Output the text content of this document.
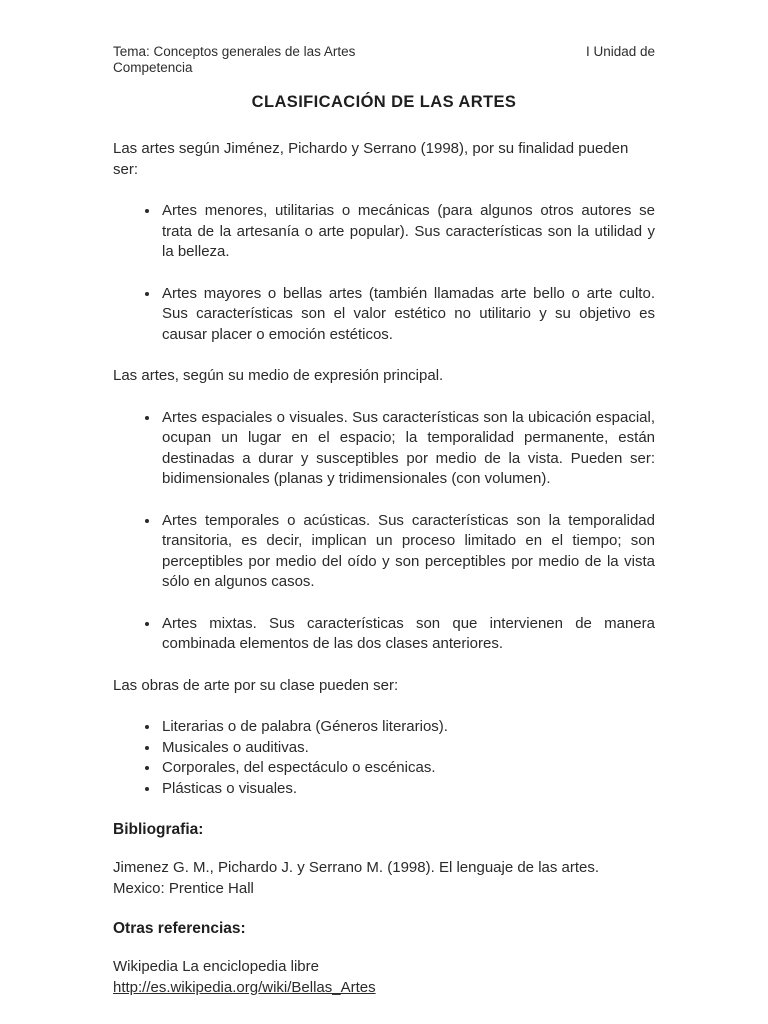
Tema: Conceptos generales de las Artes	I Unidad de
Competencia
CLASIFICACIÓN DE LAS ARTES

Las artes según Jiménez, Pichardo y Serrano (1998), por su finalidad pueden ser:

• Artes menores, utilitarias o mecánicas (para algunos otros autores se trata de la artesanía o arte popular). Sus características son la utilidad y la belleza.
• Artes mayores o bellas artes (también llamadas arte bello o arte culto. Sus características son el valor estético no utilitario y su objetivo es causar placer o emoción estéticos.

Las artes, según su medio de expresión principal.

• Artes espaciales o visuales. Sus características son la ubicación espacial, ocupan un lugar en el espacio; la temporalidad permanente, están destinadas a durar y susceptibles por medio de la vista. Pueden ser: bidimensionales (planas y tridimensionales (con volumen).
• Artes temporales o acústicas. Sus características son la temporalidad transitoria, es decir, implican un proceso limitado en el tiempo; son perceptibles por medio del oído y son perceptibles por medio de la vista sólo en algunos casos.
• Artes mixtas. Sus características son que intervienen de manera combinada elementos de las dos clases anteriores.

Las obras de arte por su clase pueden ser:

• Literarias o de palabra (Géneros literarios).
• Musicales o auditivas.
• Corporales, del espectáculo o escénicas.
• Plásticas o visuales.
Bibliografia:
Jimenez G. M., Pichardo J. y Serrano M. (1998). El lenguaje de las artes.
Mexico: Prentice Hall
Otras referencias:
Wikipedia La enciclopedia libre
http://es.wikipedia.org/wiki/Bellas_Artes
